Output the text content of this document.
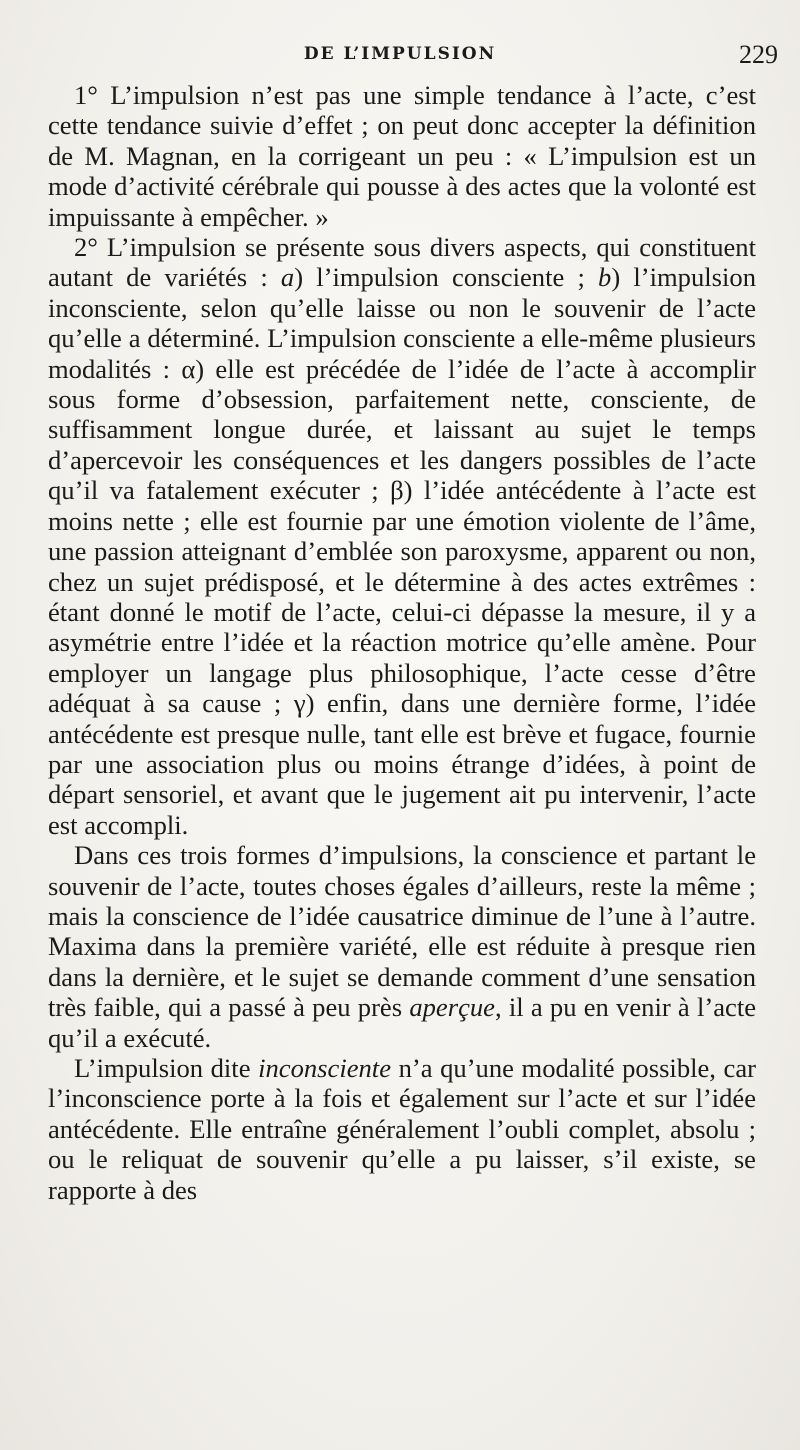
DE L’IMPULSION	229

1° L’impulsion n’est pas une simple tendance à l’acte, c’est cette tendance suivie d’effet ; on peut donc accepter la définition de M. Magnan, en la corrigeant un peu : « L’impulsion est un mode d’activité cérébrale qui pousse à des actes que la volonté est impuissante à empêcher. »

2° L’impulsion se présente sous divers aspects, qui constituent autant de variétés : a) l’impulsion consciente ; b) l’impulsion inconsciente, selon qu’elle laisse ou non le souvenir de l’acte qu’elle a déterminé. L’impulsion consciente a elle-même plusieurs modalités : α) elle est précédée de l’idée de l’acte à accomplir sous forme d’obsession, parfaitement nette, consciente, de suffisamment longue durée, et laissant au sujet le temps d’apercevoir les conséquences et les dangers possibles de l’acte qu’il va fatalement exécuter ; β) l’idée antécédente à l’acte est moins nette ; elle est fournie par une émotion violente de l’âme, une passion atteignant d’emblée son paroxysme, apparent ou non, chez un sujet prédisposé, et le détermine à des actes extrêmes : étant donné le motif de l’acte, celui-ci dépasse la mesure, il y a asymétrie entre l’idée et la réaction motrice qu’elle amène. Pour employer un langage plus philosophique, l’acte cesse d’être adéquat à sa cause ; γ) enfin, dans une dernière forme, l’idée antécédente est presque nulle, tant elle est brève et fugace, fournie par une association plus ou moins étrange d’idées, à point de départ sensoriel, et avant que le jugement ait pu intervenir, l’acte est accompli.

Dans ces trois formes d’impulsions, la conscience et partant le souvenir de l’acte, toutes choses égales d’ailleurs, reste la même ; mais la conscience de l’idée causatrice diminue de l’une à l’autre. Maxima dans la première variété, elle est réduite à presque rien dans la dernière, et le sujet se demande comment d’une sensation très faible, qui a passé à peu près aperçue, il a pu en venir à l’acte qu’il a exécuté.

L’impulsion dite inconsciente n’a qu’une modalité possible, car l’inconscience porte à la fois et également sur l’acte et sur l’idée antécédente. Elle entraîne généralement l’oubli complet, absolu ; ou le reliquat de souvenir qu’elle a pu laisser, s’il existe, se rapporte à des
